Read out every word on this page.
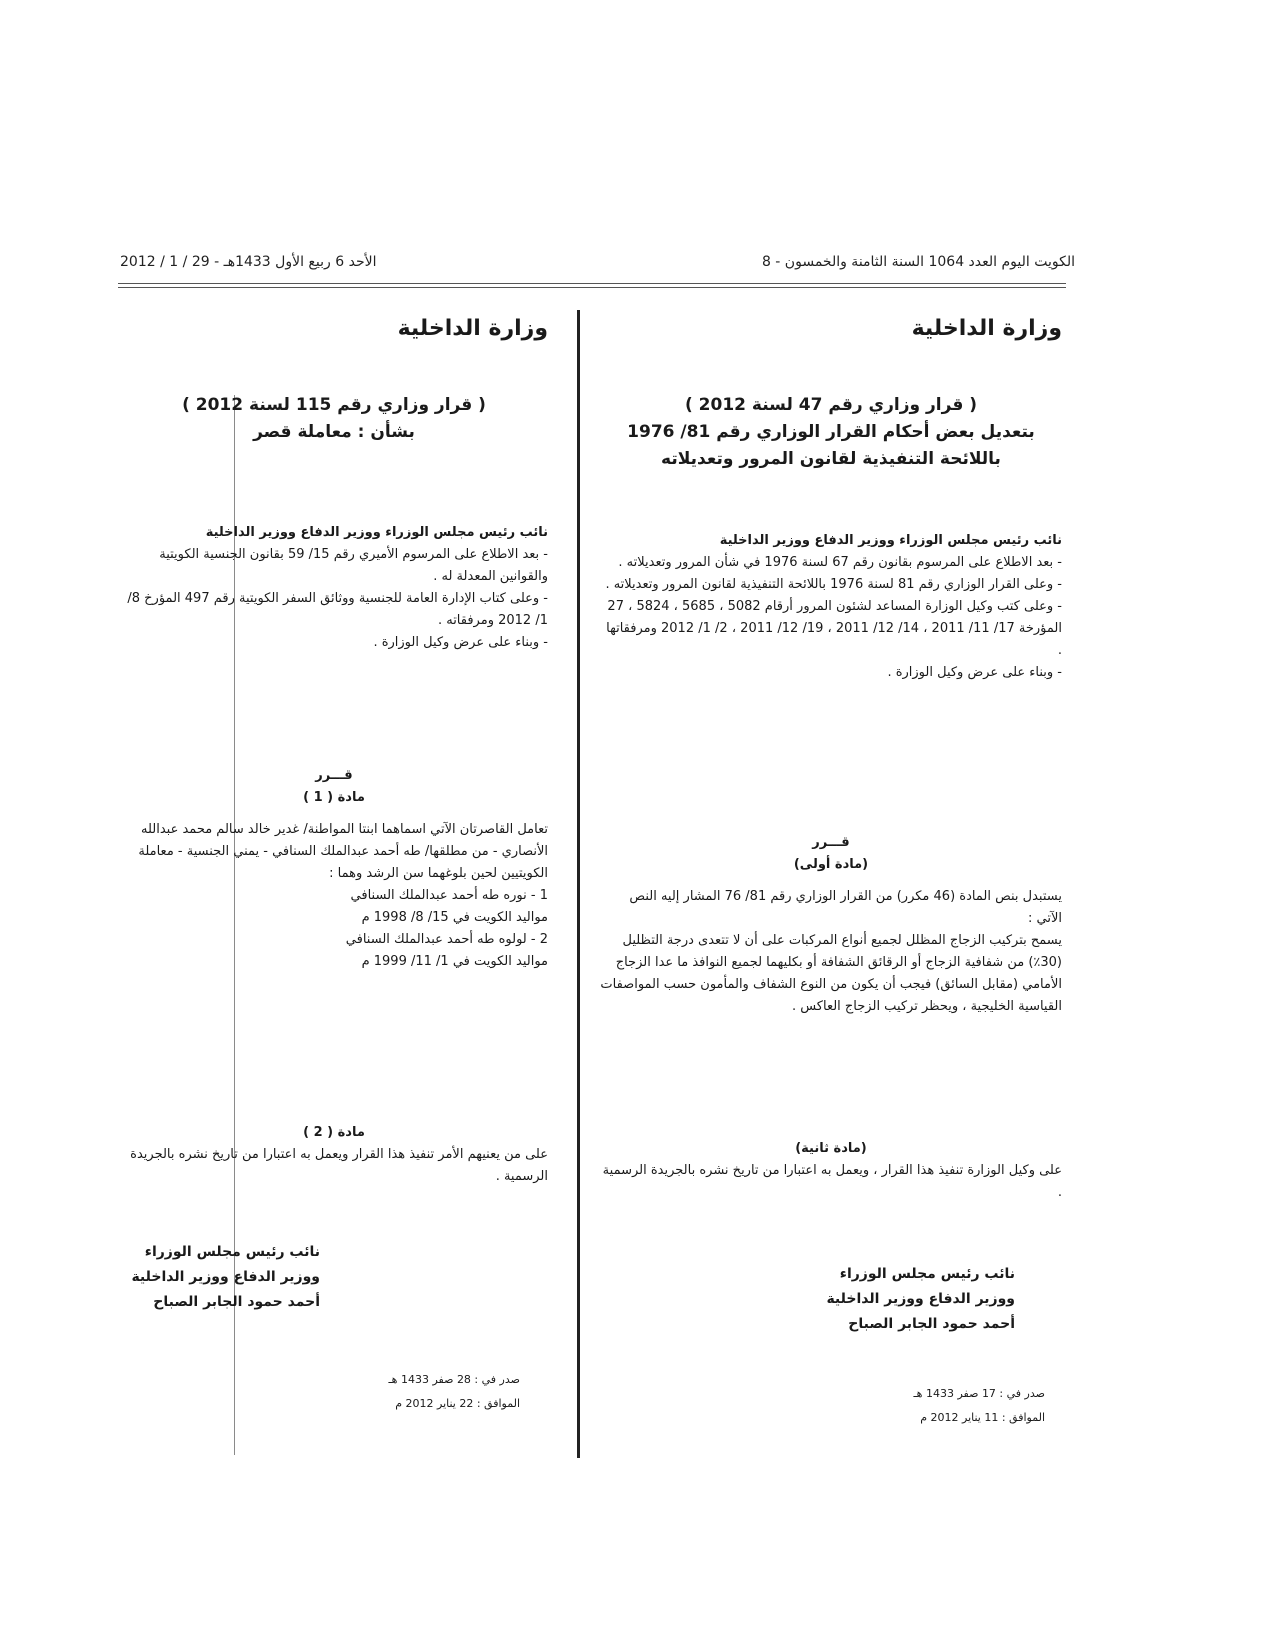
الكويت اليوم العدد 1064 السنة الثامنة والخمسون - 8
الأحد 6 ربيع الأول 1433هـ - 29 / 1 / 2012
وزارة الداخلية
( قرار وزاري رقم 47 لسنة 2012 )
بتعديل بعض أحكام القرار الوزاري رقم 81/ 1976
باللائحة التنفيذية لقانون المرور وتعديلاته

نائب رئيس مجلس الوزراء ووزير الدفاع ووزير الداخلية

- بعد الاطلاع على المرسوم بقانون رقم 67 لسنة 1976 في شأن المرور وتعديلاته .

- وعلى القرار الوزاري رقم 81 لسنة 1976 باللائحة التنفيذية لقانون المرور وتعديلاته .

- وعلى كتب وكيل الوزارة المساعد لشئون المرور أرقام 5082 ، 5685 ، 5824 ، 27 المؤرخة 17/ 11/ 2011 ، 14/ 12/ 2011 ، 19/ 12/ 2011 ، 2/ 1/ 2012 ومرفقاتها .

- وبناء على عرض وكيل الوزارة .

قـــرر

(مادة أولى)

يستبدل بنص المادة (46 مكرر) من القرار الوزاري رقم 81/ 76 المشار إليه النص الآتي :

يسمح بتركيب الزجاج المظلل لجميع أنواع المركبات على أن لا تتعدى درجة التظليل (30٪) من شفافية الزجاج أو الرقائق الشفافة أو بكليهما لجميع النوافذ ما عدا الزجاج الأمامي (مقابل السائق) فيجب أن يكون من النوع الشفاف والمأمون حسب المواصفات القياسية الخليجية ، ويحظر تركيب الزجاج العاكس .

(مادة ثانية)

على وكيل الوزارة تنفيذ هذا القرار ، ويعمل به اعتبارا من تاريخ نشره بالجريدة الرسمية .

نائب رئيس مجلس الوزراء
ووزير الدفاع ووزير الداخلية
أحمد حمود الجابر الصباح
صدر في : 17 صفر 1433 هـ
الموافق : 11 يناير 2012 م
وزارة الداخلية
( قرار وزاري رقم 115 لسنة 2012 )
بشأن : معاملة قصر

نائب رئيس مجلس الوزراء ووزير الدفاع ووزير الداخلية

- بعد الاطلاع على المرسوم الأميري رقم 15/ 59 بقانون الجنسية الكويتية والقوانين المعدلة له .

- وعلى كتاب الإدارة العامة للجنسية ووثائق السفر الكويتية رقم 497 المؤرخ 8/ 1/ 2012 ومرفقاته .

- وبناء على عرض وكيل الوزارة .

قـــرر

مادة ( 1 )

تعامل القاصرتان الآتي اسماهما ابنتا المواطنة/ غدير خالد سالم محمد عبدالله الأنصاري - من مطلقها/ طه أحمد عبدالملك السنافي - يمني الجنسية - معاملة الكويتيين لحين بلوغهما سن الرشد وهما :

1 - نوره طه أحمد عبدالملك السنافي

مواليد الكويت في 15/ 8/ 1998 م

2 - لولوه طه أحمد عبدالملك السنافي

مواليد الكويت في 1/ 11/ 1999 م

مادة ( 2 )

على من يعنيهم الأمر تنفيذ هذا القرار ويعمل به اعتبارا من تاريخ نشره بالجريدة الرسمية .

نائب رئيس مجلس الوزراء
ووزير الدفاع ووزير الداخلية
أحمد حمود الجابر الصباح
صدر في : 28 صفر 1433 هـ
الموافق : 22 يناير 2012 م
